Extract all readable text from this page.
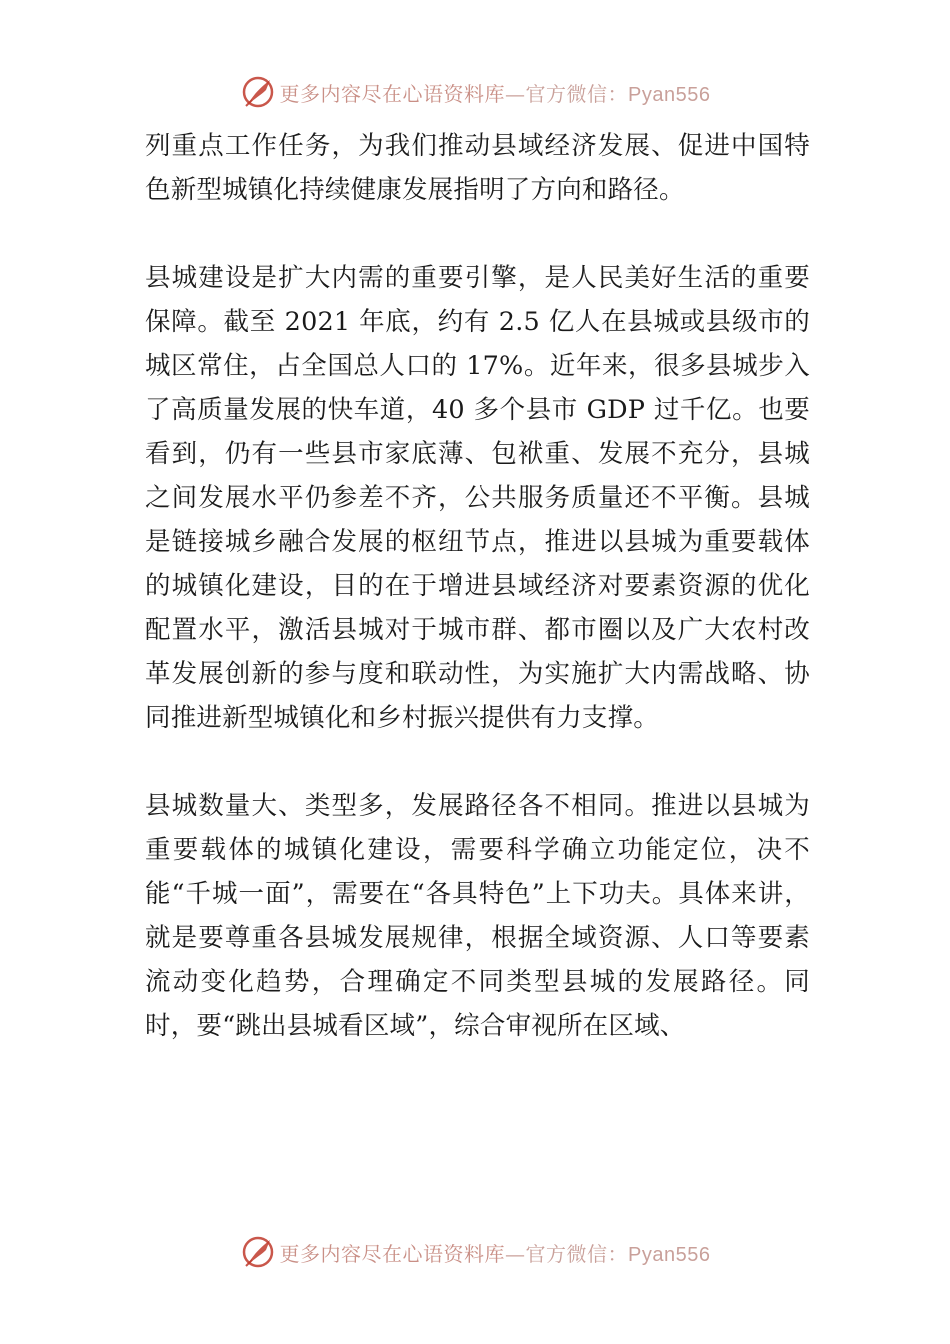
更多内容尽在心语资料库—官方微信：Pyan556

列重点工作任务，为我们推动县域经济发展、促进中国特色新型城镇化持续健康发展指明了方向和路径。

县城建设是扩大内需的重要引擎，是人民美好生活的重要保障。截至 2021 年底，约有 2.5 亿人在县城或县级市的城区常住，占全国总人口的 17%。近年来，很多县城步入了高质量发展的快车道，40 多个县市 GDP 过千亿。也要看到，仍有一些县市家底薄、包袱重、发展不充分，县城之间发展水平仍参差不齐，公共服务质量还不平衡。县城是链接城乡融合发展的枢纽节点，推进以县城为重要载体的城镇化建设，目的在于增进县域经济对要素资源的优化配置水平，激活县城对于城市群、都市圈以及广大农村改革发展创新的参与度和联动性，为实施扩大内需战略、协同推进新型城镇化和乡村振兴提供有力支撑。

县城数量大、类型多，发展路径各不相同。推进以县城为重要载体的城镇化建设，需要科学确立功能定位，决不能“千城一面”，需要在“各具特色”上下功夫。具体来讲，就是要尊重各县城发展规律，根据全域资源、人口等要素流动变化趋势，合理确定不同类型县城的发展路径。同时，要“跳出县城看区域”，综合审视所在区域、

更多内容尽在心语资料库—官方微信：Pyan556
